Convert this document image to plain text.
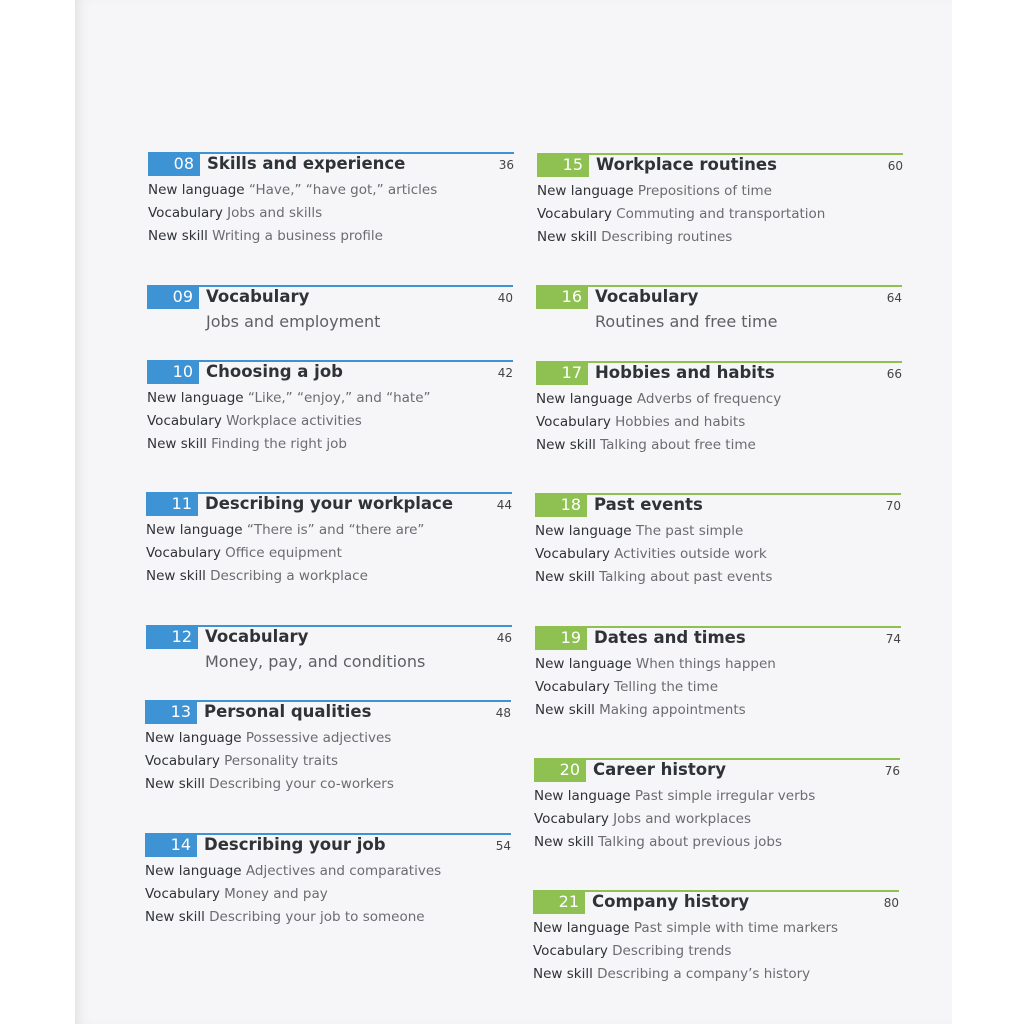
08 Skills and experience	36
New language “Have,” “have got,” articles
Vocabulary Jobs and skills
New skill Writing a business profile
09 Vocabulary	40
Jobs and employment
10 Choosing a job	42
New language “Like,” “enjoy,” and “hate”
Vocabulary Workplace activities
New skill Finding the right job
11 Describing your workplace	44
New language “There is” and “there are”
Vocabulary Office equipment
New skill Describing a workplace
12 Vocabulary	46
Money, pay, and conditions
13 Personal qualities	48
New language Possessive adjectives
Vocabulary Personality traits
New skill Describing your co-workers
14 Describing your job	54
New language Adjectives and comparatives
Vocabulary Money and pay
New skill Describing your job to someone
15 Workplace routines	60
New language Prepositions of time
Vocabulary Commuting and transportation
New skill Describing routines
16 Vocabulary	64
Routines and free time
17 Hobbies and habits	66
New language Adverbs of frequency
Vocabulary Hobbies and habits
New skill Talking about free time
18 Past events	70
New language The past simple
Vocabulary Activities outside work
New skill Talking about past events
19 Dates and times	74
New language When things happen
Vocabulary Telling the time
New skill Making appointments
20 Career history	76
New language Past simple irregular verbs
Vocabulary Jobs and workplaces
New skill Talking about previous jobs
21 Company history	80
New language Past simple with time markers
Vocabulary Describing trends
New skill Describing a company’s history
